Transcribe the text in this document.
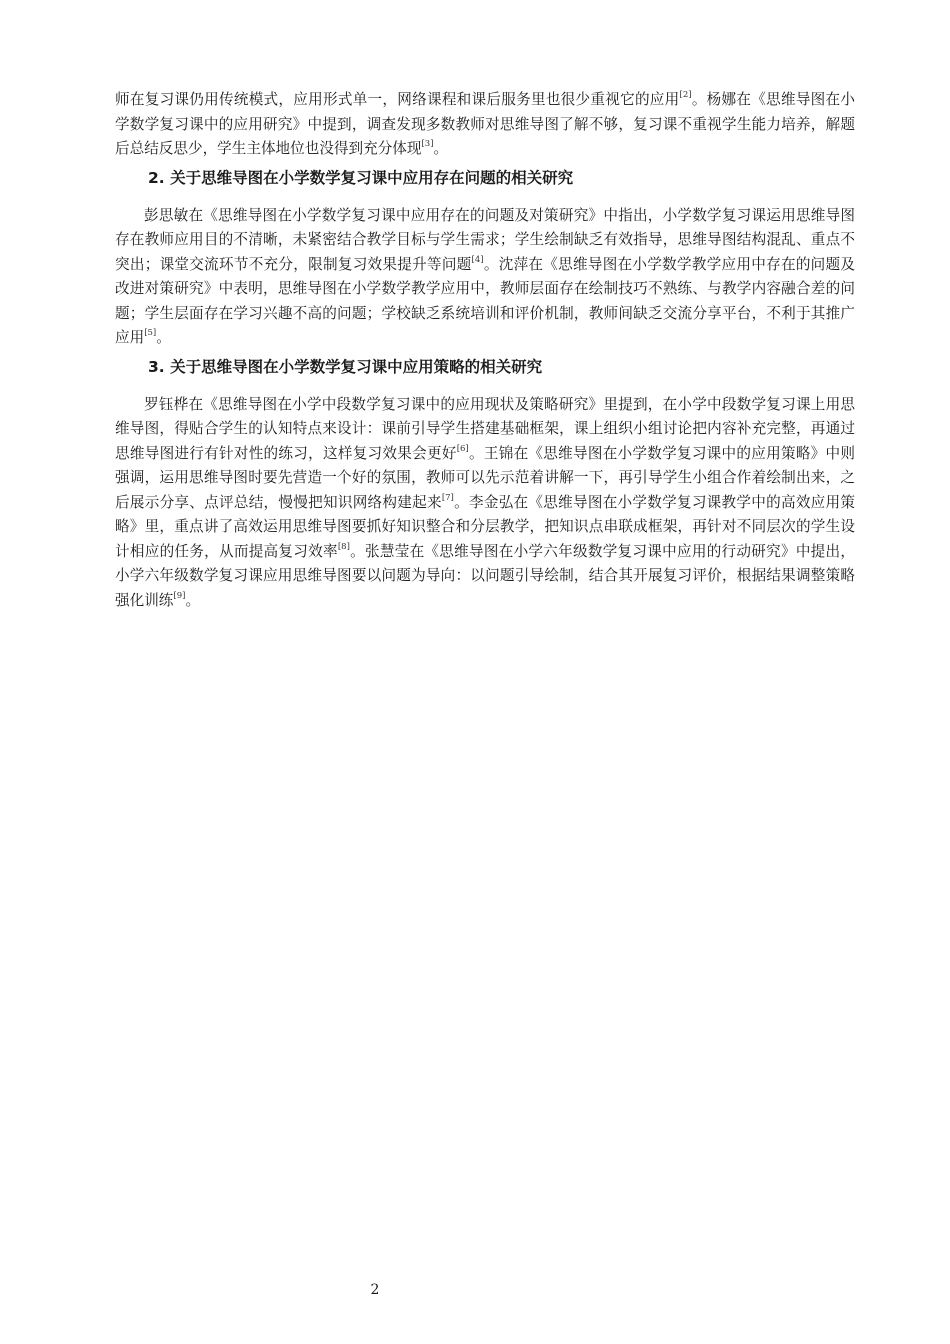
师在复习课仍用传统模式，应用形式单一，网络课程和课后服务里也很少重视它的应用[2]。杨娜在《思维导图在小学数学复习课中的应用研究》中提到，调查发现多数教师对思维导图了解不够，复习课不重视学生能力培养，解题后总结反思少，学生主体地位也没得到充分体现[3]。

2. 关于思维导图在小学数学复习课中应用存在问题的相关研究

彭思敏在《思维导图在小学数学复习课中应用存在的问题及对策研究》中指出，小学数学复习课运用思维导图存在教师应用目的不清晰，未紧密结合教学目标与学生需求；学生绘制缺乏有效指导，思维导图结构混乱、重点不突出；课堂交流环节不充分，限制复习效果提升等问题[4]。沈萍在《思维导图在小学数学教学应用中存在的问题及改进对策研究》中表明，思维导图在小学数学教学应用中，教师层面存在绘制技巧不熟练、与教学内容融合差的问题；学生层面存在学习兴趣不高的问题；学校缺乏系统培训和评价机制，教师间缺乏交流分享平台，不利于其推广应用[5]。

3. 关于思维导图在小学数学复习课中应用策略的相关研究

罗钰桦在《思维导图在小学中段数学复习课中的应用现状及策略研究》里提到，在小学中段数学复习课上用思维导图，得贴合学生的认知特点来设计：课前引导学生搭建基础框架，课上组织小组讨论把内容补充完整，再通过思维导图进行有针对性的练习，这样复习效果会更好[6]。王锦在《思维导图在小学数学复习课中的应用策略》中则强调，运用思维导图时要先营造一个好的氛围，教师可以先示范着讲解一下，再引导学生小组合作着绘制出来，之后展示分享、点评总结，慢慢把知识网络构建起来[7]。李金弘在《思维导图在小学数学复习课教学中的高效应用策略》里，重点讲了高效运用思维导图要抓好知识整合和分层教学，把知识点串联成框架，再针对不同层次的学生设计相应的任务，从而提高复习效率[8]。张慧莹在《思维导图在小学六年级数学复习课中应用的行动研究》中提出，小学六年级数学复习课应用思维导图要以问题为导向：以问题引导绘制，结合其开展复习评价，根据结果调整策略强化训练[9]。

2
